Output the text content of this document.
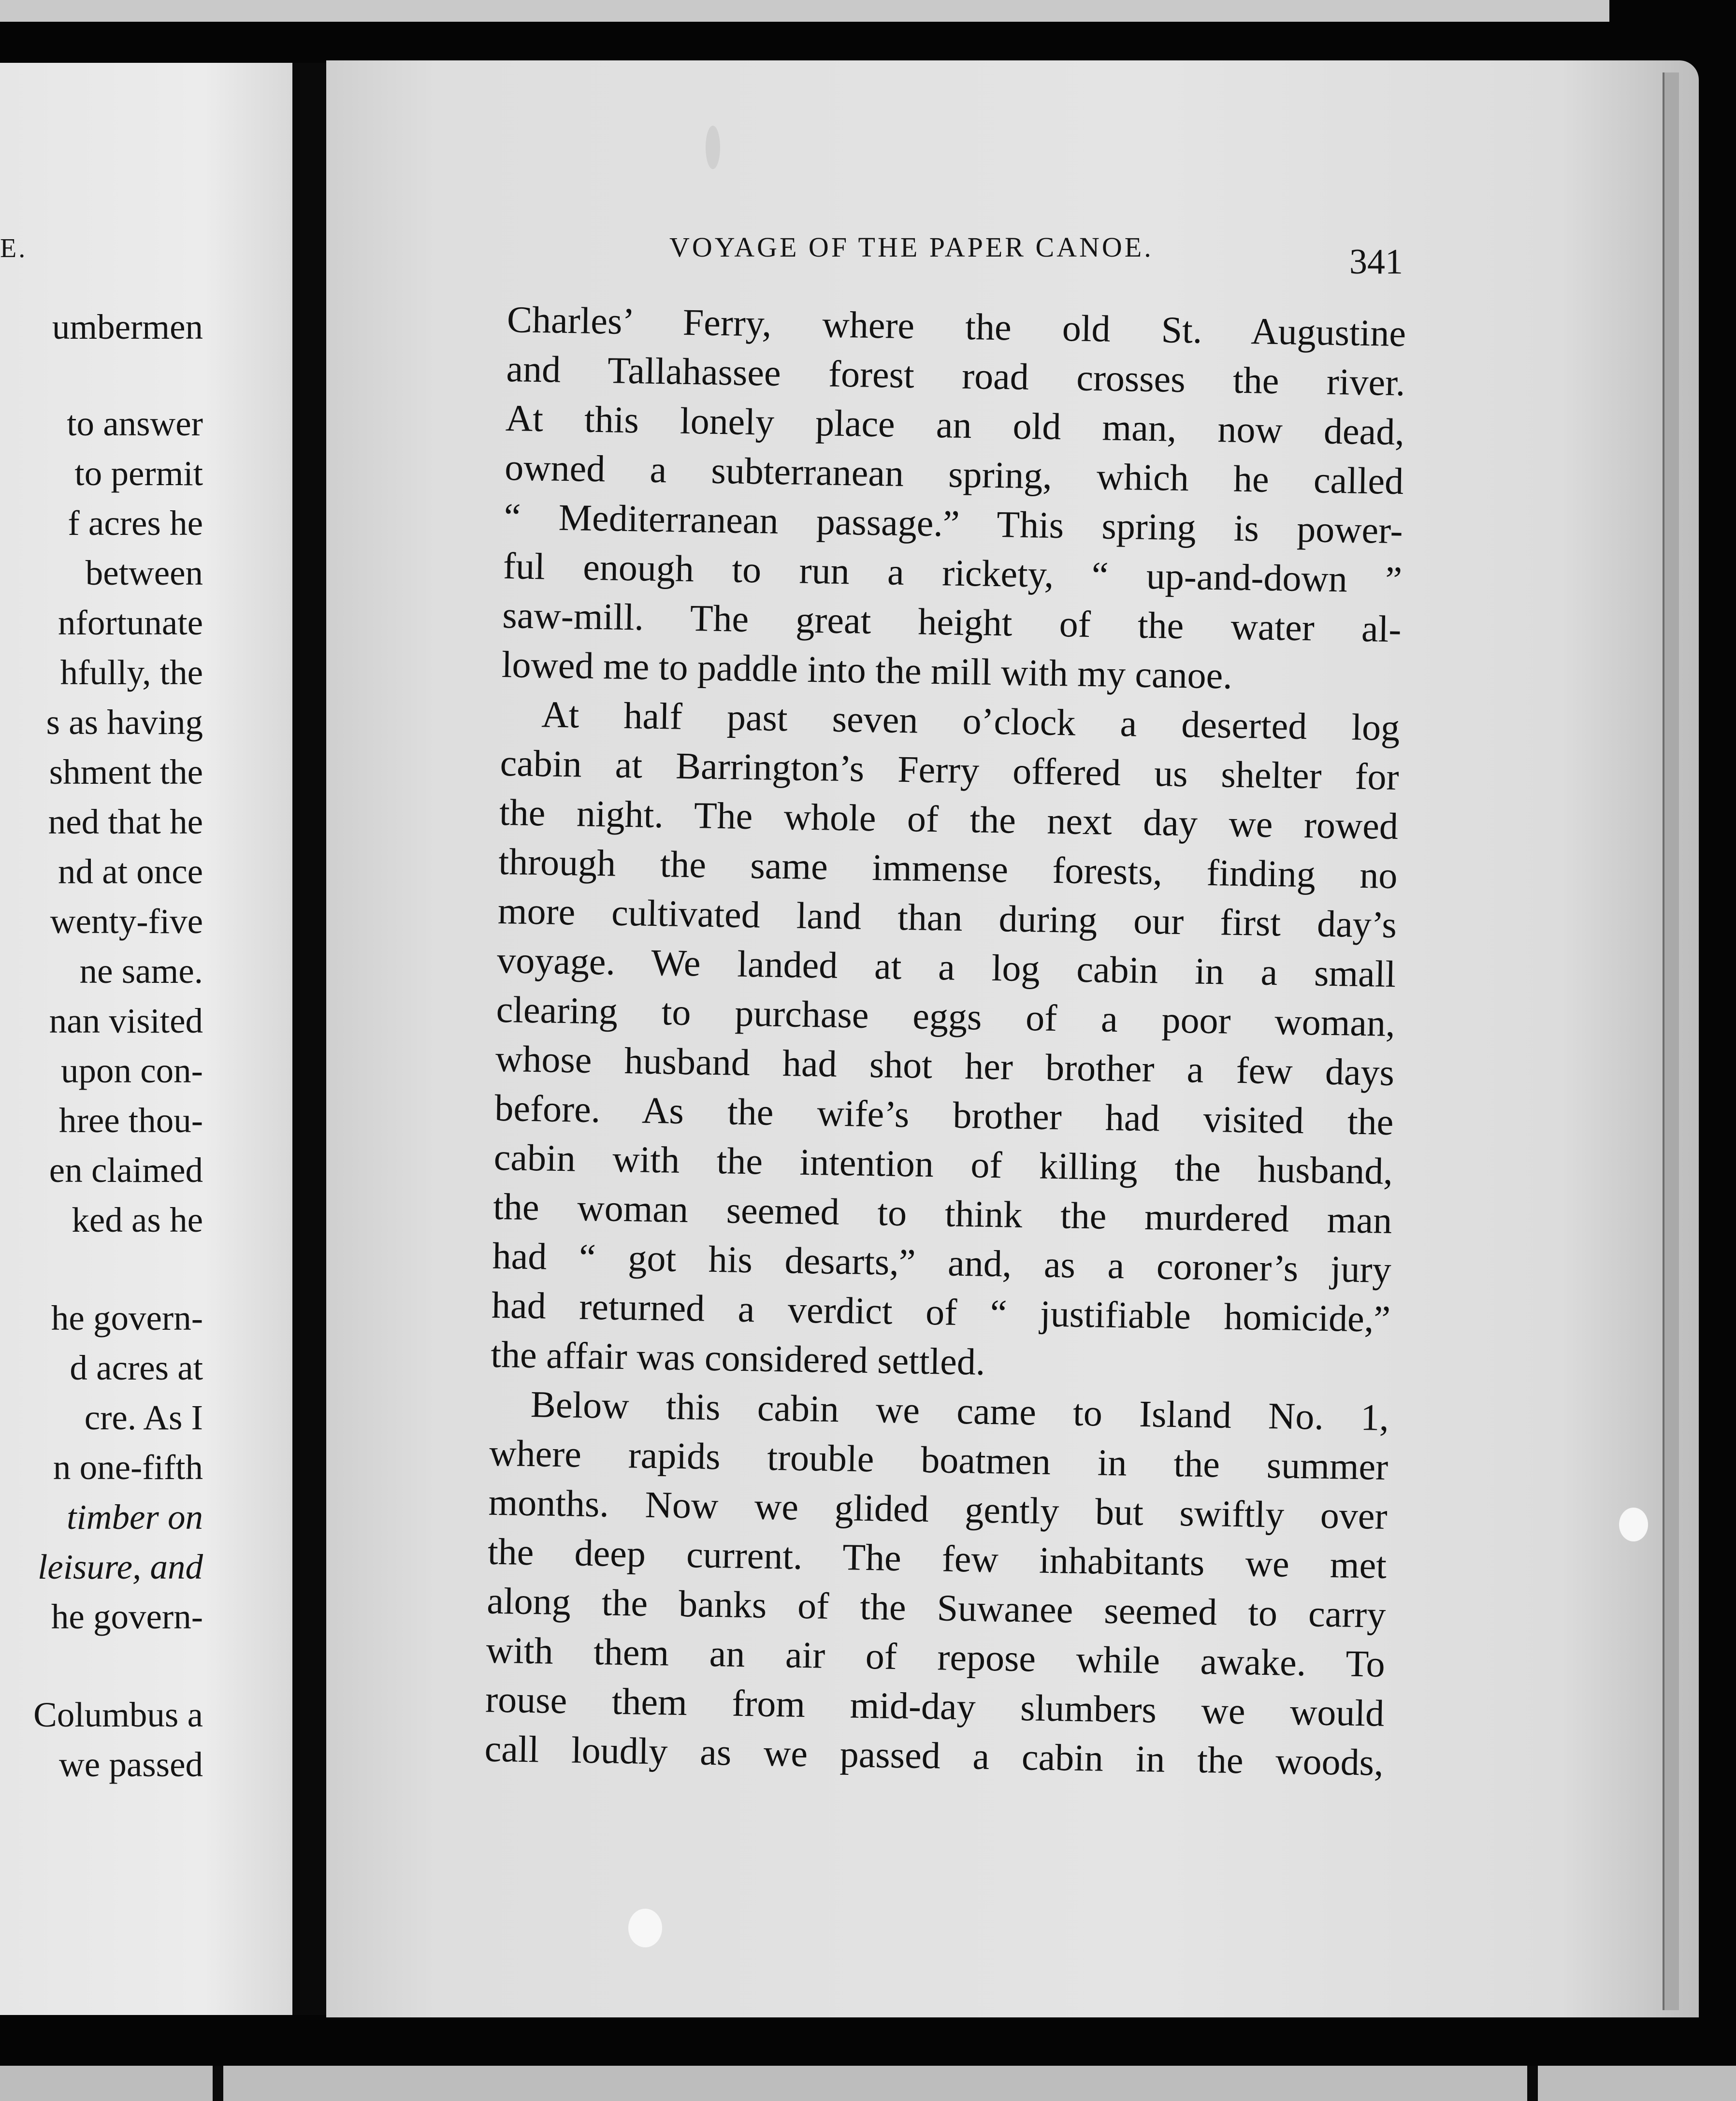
E.
umbermen
to answer
to permit
f acres he
between
nfortunate
hfully, the
s as having
shment the
ned that he
nd at once
wenty-five
ne same.
nan visited
upon con-
hree thou-
en claimed
ked as he
he govern-
d acres at
cre. As I
n one-fifth
timber on
leisure, and
he govern-
Columbus a
we passed
VOYAGE OF THE PAPER CANOE.	341
Charles’ Ferry, where the old St. Augustine
and Tallahassee forest road crosses the river.
At this lonely place an old man, now dead,
owned a subterranean spring, which he called
“ Mediterranean passage.” This spring is power-
ful enough to run a rickety, “ up-and-down ”
saw-mill. The great height of the water al-
lowed me to paddle into the mill with my canoe.
At half past seven o’clock a deserted log
cabin at Barrington’s Ferry offered us shelter for
the night. The whole of the next day we rowed
through the same immense forests, finding no
more cultivated land than during our first day’s
voyage. We landed at a log cabin in a small
clearing to purchase eggs of a poor woman,
whose husband had shot her brother a few days
before. As the wife’s brother had visited the
cabin with the intention of killing the husband,
the woman seemed to think the murdered man
had “ got his desarts,” and, as a coroner’s jury
had returned a verdict of “ justifiable homicide,”
the affair was considered settled.
Below this cabin we came to Island No. 1,
where rapids trouble boatmen in the summer
months. Now we glided gently but swiftly over
the deep current. The few inhabitants we met
along the banks of the Suwanee seemed to carry
with them an air of repose while awake. To
rouse them from mid-day slumbers we would
call loudly as we passed a cabin in the woods,
